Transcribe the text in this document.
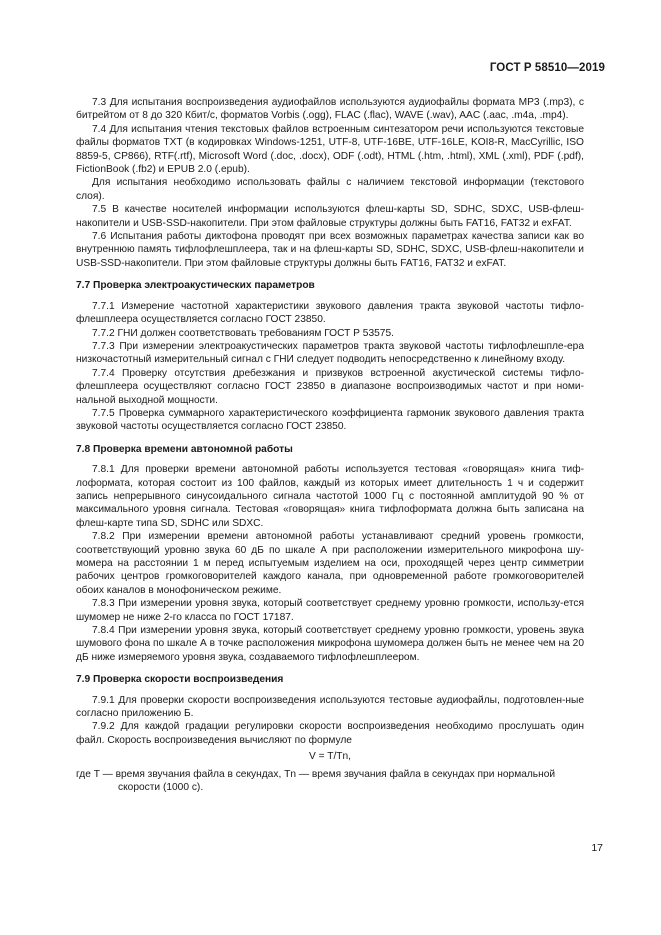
ГОСТ Р 58510—2019

7.3 Для испытания воспроизведения аудиофайлов используются аудиофайлы формата MP3 (.mp3), с битрейтом от 8 до 320 Кбит/с, форматов Vorbis (.ogg), FLAC (.flac), WAVE (.wav), AAC (.aac, .m4a, .mp4).

7.4 Для испытания чтения текстовых файлов встроенным синтезатором речи используются текстовые файлы форматов TXT (в кодировках Windows-1251, UTF-8, UTF-16BE, UTF-16LE, KOI8-R, MacCyrillic, ISO 8859-5, CP866), RTF(.rtf), Microsoft Word (.doc, .docx), ODF (.odt), HTML (.htm, .html), XML (.xml), PDF (.pdf), FictionBook (.fb2) и EPUB 2.0 (.epub).

Для испытания необходимо использовать файлы с наличием текстовой информации (текстового слоя).

7.5 В качестве носителей информации используются флеш-карты SD, SDHC, SDXC, USB-флеш-накопители и USB-SSD-накопители. При этом файловые структуры должны быть FAT16, FAT32 и exFAT.

7.6 Испытания работы диктофона проводят при всех возможных параметрах качества записи как во внутреннюю память тифлофлешплеера, так и на флеш-карты SD, SDHC, SDXC, USB-флеш-накопители и USB-SSD-накопители. При этом файловые структуры должны быть FAT16, FAT32 и exFAT.

7.7 Проверка электроакустических параметров

7.7.1 Измерение частотной характеристики звукового давления тракта звуковой частоты тифло-флешплеера осуществляется согласно ГОСТ 23850.

7.7.2 ГНИ должен соответствовать требованиям ГОСТ Р 53575.

7.7.3 При измерении электроакустических параметров тракта звуковой частоты тифлофлешпле-ера низкочастотный измерительный сигнал с ГНИ следует подводить непосредственно к линейному входу.

7.7.4 Проверку отсутствия дребезжания и призвуков встроенной акустической системы тифло-флешплеера осуществляют согласно ГОСТ 23850 в диапазоне воспроизводимых частот и при номи-нальной выходной мощности.

7.7.5 Проверка суммарного характеристического коэффициента гармоник звукового давления тракта звуковой частоты осуществляется согласно ГОСТ 23850.

7.8 Проверка времени автономной работы

7.8.1 Для проверки времени автономной работы используется тестовая «говорящая» книга тиф-лоформата, которая состоит из 100 файлов, каждый из которых имеет длительность 1 ч и содержит запись непрерывного синусоидального сигнала частотой 1000 Гц с постоянной амплитудой 90 % от максимального уровня сигнала. Тестовая «говорящая» книга тифлоформата должна быть записана на флеш-карте типа SD, SDHC или SDXC.

7.8.2 При измерении времени автономной работы устанавливают средний уровень громкости, соответствующий уровню звука 60 дБ по шкале А при расположении измерительного микрофона шу-момера на расстоянии 1 м перед испытуемым изделием на оси, проходящей через центр симметрии рабочих центров громкоговорителей каждого канала, при одновременной работе громкоговорителей обоих каналов в монофоническом режиме.

7.8.3 При измерении уровня звука, который соответствует среднему уровню громкости, использу-ется шумомер не ниже 2-го класса по ГОСТ 17187.

7.8.4 При измерении уровня звука, который соответствует среднему уровню громкости, уровень звука шумового фона по шкале А в точке расположения микрофона шумомера должен быть не менее чем на 20 дБ ниже измеряемого уровня звука, создаваемого тифлофлешплеером.

7.9 Проверка скорости воспроизведения

7.9.1 Для проверки скорости воспроизведения используются тестовые аудиофайлы, подготовлен-ные согласно приложению Б.

7.9.2 Для каждой градации регулировки скорости воспроизведения необходимо прослушать один файл. Скорость воспроизведения вычисляют по формуле

V = T/Tn,

где T — время звучания файла в секундах, Tn — время звучания файла в секундах при нормальной

скорости (1000 с).

17
